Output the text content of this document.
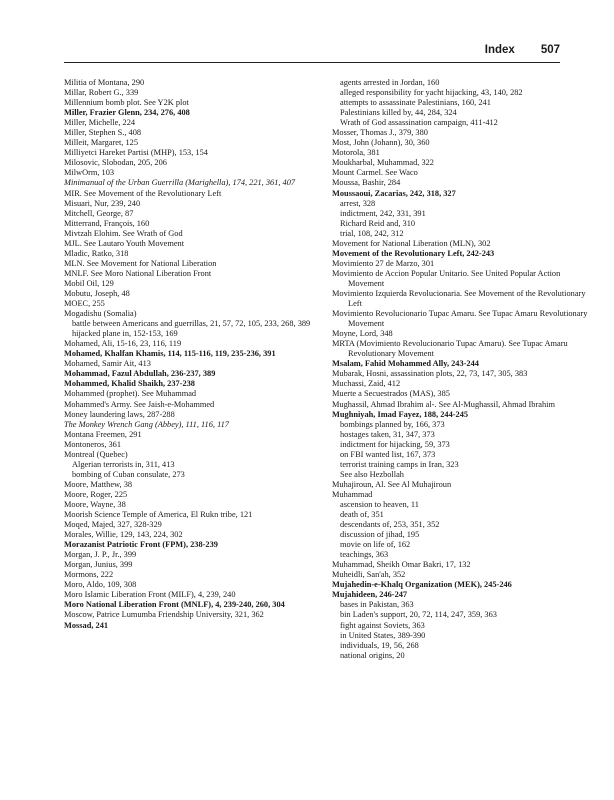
Index 507
Militia of Montana, 290
Millar, Robert G., 339
Millennium bomb plot. See Y2K plot
Miller, Frazier Glenn, 234, 276, 408
Miller, Michelle, 224
Miller, Stephen S., 408
Milleit, Margaret, 125
Milliyetci Hareket Partisi (MHP), 153, 154
Milosovic, Slobodan, 205, 206
MilwOrm, 103
Minimanual of the Urban Guerrilla (Marighella), 174, 221, 361, 407
MIR. See Movement of the Revolutionary Left
Misuari, Nur, 239, 240
Mitchell, George, 87
Mitterrand, François, 160
Mivtzah Elohim. See Wrath of God
MJL. See Lautaro Youth Movement
Mladic, Ratko, 318
MLN. See Movement for National Liberation
MNLF. See Moro National Liberation Front
Mobil Oil, 129
Mobutu, Joseph, 48
MOEC, 255
Mogadishu (Somalia)
battle between Americans and guerrillas, 21, 57, 72, 105, 233, 268, 389
hijacked plane in, 152-153, 169
Mohamed, Ali, 15-16, 23, 116, 119
Mohamed, Khalfan Khamis, 114, 115-116, 119, 235-236, 391
Mohamed, Samir Ait, 413
Mohammad, Fazul Abdullah, 236-237, 389
Mohammed, Khalid Shaikh, 237-238
Mohammed (prophet). See Muhammad
Mohammed's Army. See Jaish-e-Mohammed
Money laundering laws, 287-288
The Monkey Wrench Gang (Abbey), 111, 116, 117
Montana Freemen, 291
Montoneros, 361
Montreal (Quebec)
Algerian terrorists in, 311, 413
bombing of Cuban consulate, 273
Moore, Matthew, 38
Moore, Roger, 225
Moore, Wayne, 38
Moorish Science Temple of America, El Rukn tribe, 121
Moqed, Majed, 327, 328-329
Morales, Willie, 129, 143, 224, 302
Morazanist Patriotic Front (FPM), 238-239
Morgan, J. P., Jr., 399
Morgan, Junius, 399
Mormons, 222
Moro, Aldo, 109, 308
Moro Islamic Liberation Front (MILF), 4, 239, 240
Moro National Liberation Front (MNLF), 4, 239-240, 260, 304
Moscow, Patrice Lumumba Friendship University, 321, 362
Mossad, 241
agents arrested in Jordan, 160
alleged responsibility for yacht hijacking, 43, 140, 282
attempts to assassinate Palestinians, 160, 241
Palestinians killed by, 44, 284, 324
Wrath of God assassination campaign, 411-412
Mosser, Thomas J., 379, 380
Most, John (Johann), 30, 360
Motorola, 381
Moukharbal, Muhammad, 322
Mount Carmel. See Waco
Moussa, Bashir, 284
Moussaoui, Zacarias, 242, 318, 327
arrest, 328
indictment, 242, 331, 391
Richard Reid and, 310
trial, 108, 242, 312
Movement for National Liberation (MLN), 302
Movement of the Revolutionary Left, 242-243
Movimiento 27 de Marzo, 301
Movimiento de Accion Popular Unitario. See United Popular Action Movement
Movimiento Izquierda Revolucionaria. See Movement of the Revolutionary Left
Movimiento Revolucionario Tupac Amaru. See Tupac Amaru Revolutionary Movement
Moyne, Lord, 348
MRTA (Movimiento Revolucionario Tupac Amaru). See Tupac Amaru Revolutionary Movement
Msalam, Fahid Mohammed Ally, 243-244
Mubarak, Hosni, assassination plots, 22, 73, 147, 305, 383
Muchassi, Zaid, 412
Muerte a Secuestrados (MAS), 385
Mughassil, Ahmad Ibrahim al-. See Al-Mughassil, Ahmad Ibrahim
Mughniyah, Imad Fayez, 188, 244-245
bombings planned by, 166, 373
hostages taken, 31, 347, 373
indictment for hijacking, 59, 373
on FBI wanted list, 167, 373
terrorist training camps in Iran, 323
See also Hezbollah
Muhajiroun, Al. See Al Muhajiroun
Muhammad
ascension to heaven, 11
death of, 351
descendants of, 253, 351, 352
discussion of jihad, 195
movie on life of, 162
teachings, 363
Muhammad, Sheikh Omar Bakri, 17, 132
Muheidli, San'ah, 352
Mujahedin-e-Khalq Organization (MEK), 245-246
Mujahideen, 246-247
bases in Pakistan, 363
bin Laden's support, 20, 72, 114, 247, 359, 363
fight against Soviets, 363
in United States, 389-390
individuals, 19, 56, 268
national origins, 20
